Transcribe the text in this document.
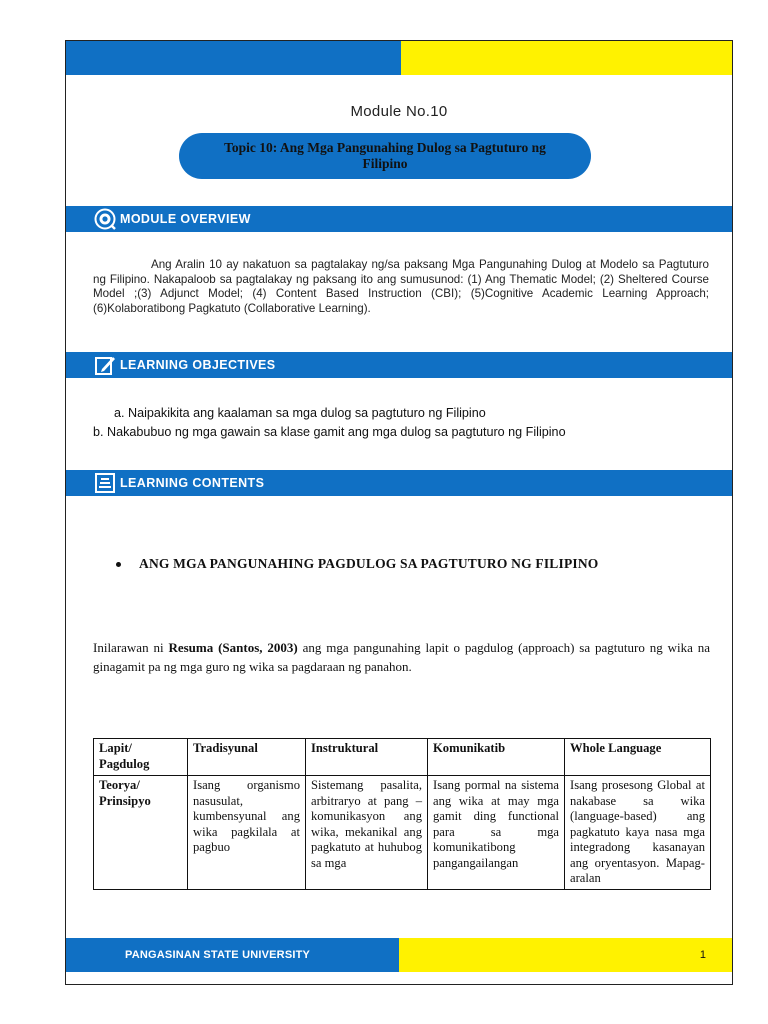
Module No.10
Topic 10: Ang Mga Pangunahing Dulog sa Pagtuturo ng Filipino
MODULE OVERVIEW
Ang Aralin 10 ay nakatuon sa pagtalakay ng/sa paksang Mga Pangunahing Dulog at Modelo sa Pagtuturo ng Filipino. Nakapaloob sa pagtalakay ng paksang ito ang sumusunod: (1) Ang Thematic Model; (2) Sheltered Course Model ;(3) Adjunct Model; (4) Content Based Instruction (CBI); (5)Cognitive Academic Learning Approach; (6)Kolaboratibong Pagkatuto (Collaborative Learning).
LEARNING OBJECTIVES
a. Naipakikita ang kaalaman sa mga dulog sa pagtuturo ng Filipino
b. Nakabubuo ng mga gawain sa klase gamit ang mga dulog sa pagtuturo ng Filipino
LEARNING CONTENTS
ANG MGA PANGUNAHING PAGDULOG SA PAGTUTURO NG FILIPINO
Inilarawan ni Resuma (Santos, 2003) ang mga pangunahing lapit o pagdulog (approach) sa pagtuturo ng wika na ginagamit pa ng mga guro ng wika sa pagdaraan ng panahon.
Lapit/ Pagdulog	Tradisyunal	Instruktural	Komunikatib	Whole Language
Teorya/ Prinsipyo	Isang organismo nasusulat, kumbensyunal ang wika pagkilala at pagbuo	Sistemang pasalita, arbitraryo at pang – komunikasyon ang wika, mekanikal ang pagkatuto at huhubog sa mga	Isang pormal na sistema ang wika at may mga gamit ding functional para sa mga komunikatibong pangangailangan	Isang prosesong Global at nakabase sa wika (language-based) ang pagkatuto kaya nasa mga integradong kasanayan ang oryentasyon. Mapag-aralan
PANGASINAN STATE UNIVERSITY	1
